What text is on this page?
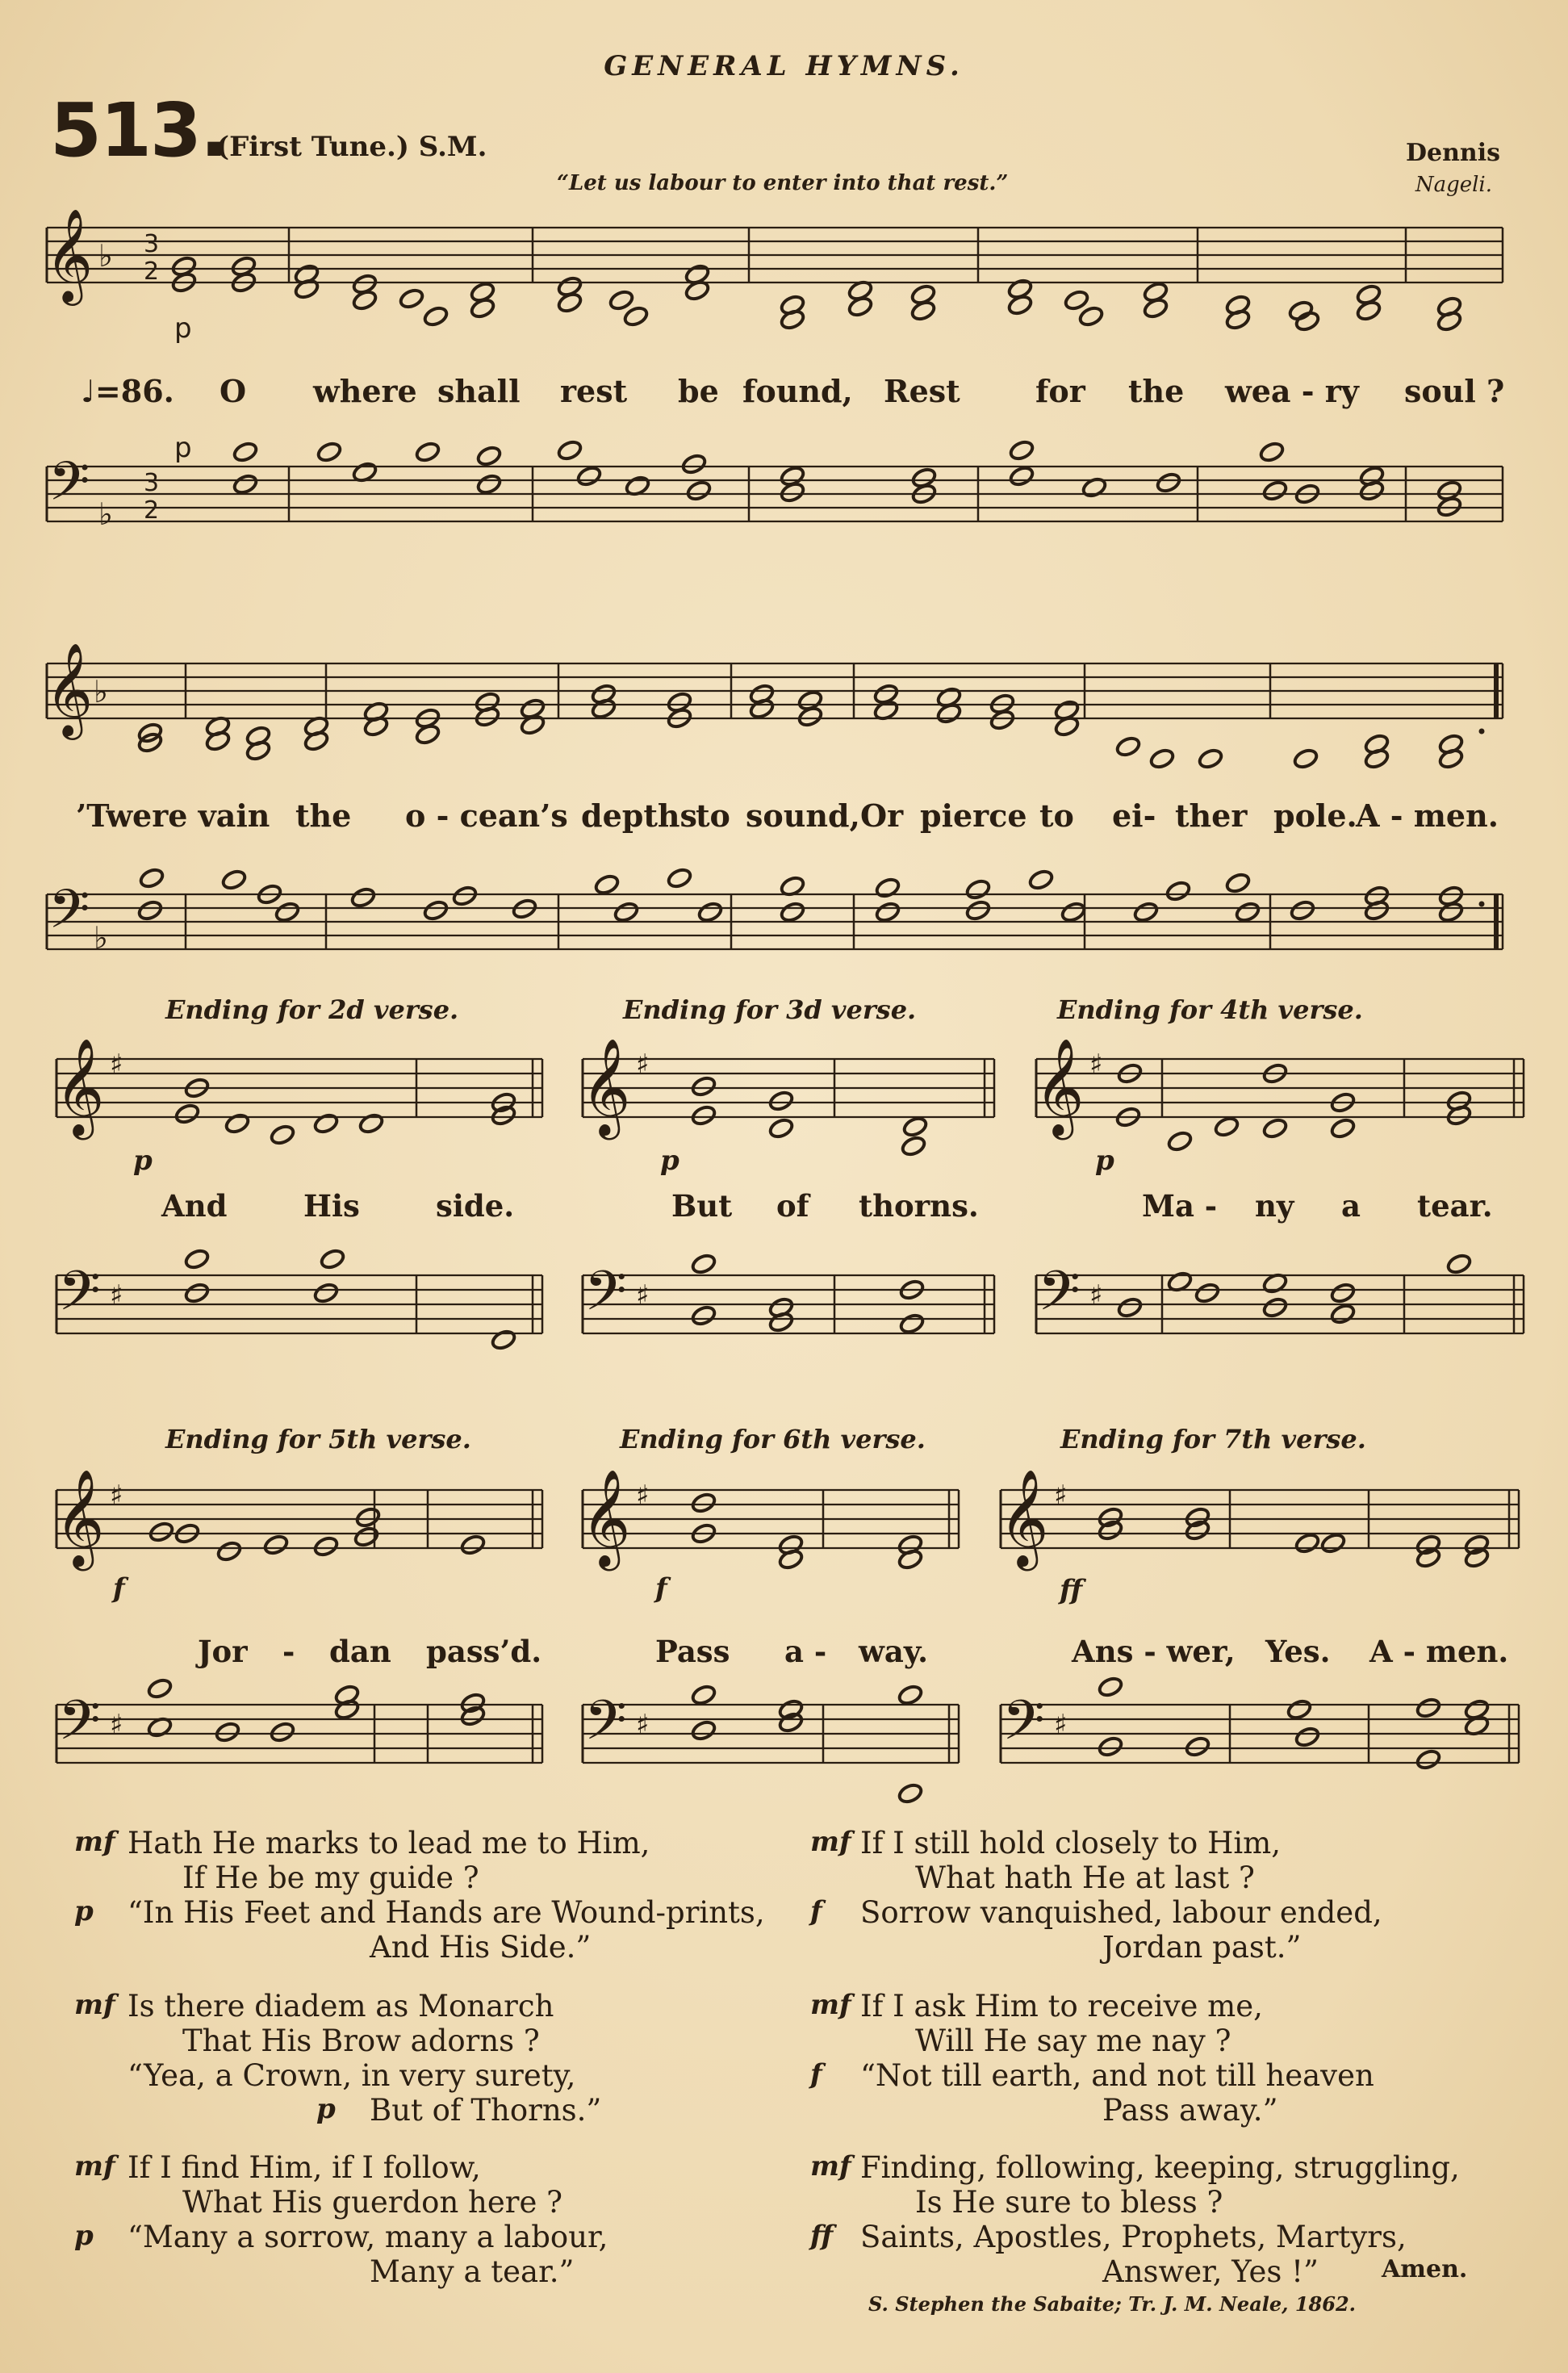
GENERAL HYMNS.
513.
(First Tune.) S.M.	Dennis
Nageli.
“Let us labour to enter into that rest.”
𝄞
𝄢
♭
♭
3
2
3
2
p
p
𝄞
𝄢
♭
♭
𝄞
𝄢
♯
♯
𝄞
𝄢
♯
♯
𝄞
𝄢
♯
♯
𝄞
𝄢
♯
♯
𝄞
𝄢
♯
♯
𝄞
𝄢
♯
♯
♩=86. O where shall rest be found, Rest for the wea - ry soul ?
’Twere vain the o - cean’s depths
to sound, Or pierce to ei- ther pole.
A - men.
Ending for 2d verse.
And	His	side.
p
Ending for 3d verse.
But of thorns.
p
Ending for 4th verse.
Ma - ny a tear.
p
Ending for 5th verse.
Jor - dan pass’d.
f
Ending for 6th verse.
Pass a - way.
f
Ending for 7th verse.
Ans - wer, Yes. A - men.
ff
mf Hath He marks to lead me to Him,
If He be my guide ?
p “In His Feet and Hands are Wound-prints,
And His Side.”
mf Is there diadem as Monarch
That His Brow adorns ?
“Yea, a Crown, in very surety,
p But of Thorns.”
mf If I find Him, if I follow,
What His guerdon here ?
p “Many a sorrow, many a labour,
Many a tear.”
mf If I still hold closely to Him,
What hath He at last ?
f Sorrow vanquished, labour ended,
Jordan past.”
mf If I ask Him to receive me,
Will He say me nay ?
f “Not till earth, and not till heaven
Pass away.”
mf Finding, following, keeping, struggling,
Is He sure to bless ?
ff Saints, Apostles, Prophets, Martyrs,
Answer, Yes !”	Amen.
S. Stephen the Sabaite; Tr. J. M. Neale, 1862.
